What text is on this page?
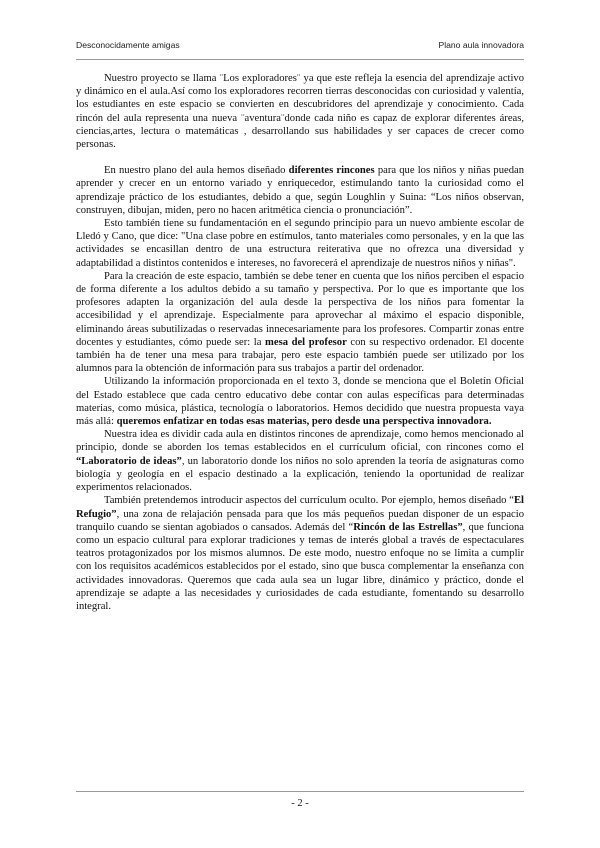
Desconocidamente amigas	Plano aula innovadora

Nuestro proyecto se llama ¨Los exploradores¨ ya que este refleja la esencia del aprendizaje activo y dinámico en el aula.Así como los exploradores recorren tierras desconocidas con curiosidad y valentía, los estudiantes en este espacio se convierten en descubridores del aprendizaje y conocimiento. Cada rincón del aula representa una nueva ¨aventura¨donde cada niño es capaz de explorar diferentes áreas, ciencias,artes, lectura o matemáticas , desarrollando sus habilidades y ser capaces de crecer como personas.

En nuestro plano del aula hemos diseñado diferentes rincones para que los niños y niñas puedan aprender y crecer en un entorno variado y enriquecedor, estimulando tanto la curiosidad como el aprendizaje práctico de los estudiantes, debido a que, según Loughlin y Suina: “Los niños observan, construyen, dibujan, miden, pero no hacen aritmética ciencia o pronunciación”.

Esto también tiene su fundamentación en el segundo principio para un nuevo ambiente escolar de Lledó y Cano, que dice: "Una clase pobre en estímulos, tanto materiales como personales, y en la que las actividades se encasillan dentro de una estructura reiterativa que no ofrezca una diversidad y adaptabilidad a distintos contenidos e intereses, no favorecerá el aprendizaje de nuestros niños y niñas".

Para la creación de este espacio, también se debe tener en cuenta que los niños perciben el espacio de forma diferente a los adultos debido a su tamaño y perspectiva. Por lo que es importante que los profesores adapten la organización del aula desde la perspectiva de los niños para fomentar la accesibilidad y el aprendizaje. Especialmente para aprovechar al máximo el espacio disponible, eliminando áreas subutilizadas o reservadas innecesariamente para los profesores. Compartir zonas entre docentes y estudiantes, cómo puede ser: la mesa del profesor con su respectivo ordenador. El docente también ha de tener una mesa para trabajar, pero este espacio también puede ser utilizado por los alumnos para la obtención de información para sus trabajos a partir del ordenador.

Utilizando la información proporcionada en el texto 3, donde se menciona que el Boletín Oficial del Estado establece que cada centro educativo debe contar con aulas específicas para determinadas materias, como música, plástica, tecnología o laboratorios. Hemos decidido que nuestra propuesta vaya más allá: queremos enfatizar en todas esas materias, pero desde una perspectiva innovadora.

Nuestra idea es dividir cada aula en distintos rincones de aprendizaje, como hemos mencionado al principio, donde se aborden los temas establecidos en el currículum oficial, con rincones como el “Laboratorio de ideas”, un laboratorio donde los niños no solo aprenden la teoría de asignaturas como biología y geología en el espacio destinado a la explicación, teniendo la oportunidad de realizar experimentos relacionados.

También pretendemos introducir aspectos del currículum oculto. Por ejemplo, hemos diseñado “El Refugio”, una zona de relajación pensada para que los más pequeños puedan disponer de un espacio tranquilo cuando se sientan agobiados o cansados. Además del “Rincón de las Estrellas”, que funciona como un espacio cultural para explorar tradiciones y temas de interés global a través de espectaculares teatros protagonizados por los mismos alumnos. De este modo, nuestro enfoque no se limita a cumplir con los requisitos académicos establecidos por el estado, sino que busca complementar la enseñanza con actividades innovadoras. Queremos que cada aula sea un lugar libre, dinámico y práctico, donde el aprendizaje se adapte a las necesidades y curiosidades de cada estudiante, fomentando su desarrollo integral.

- 2 -
